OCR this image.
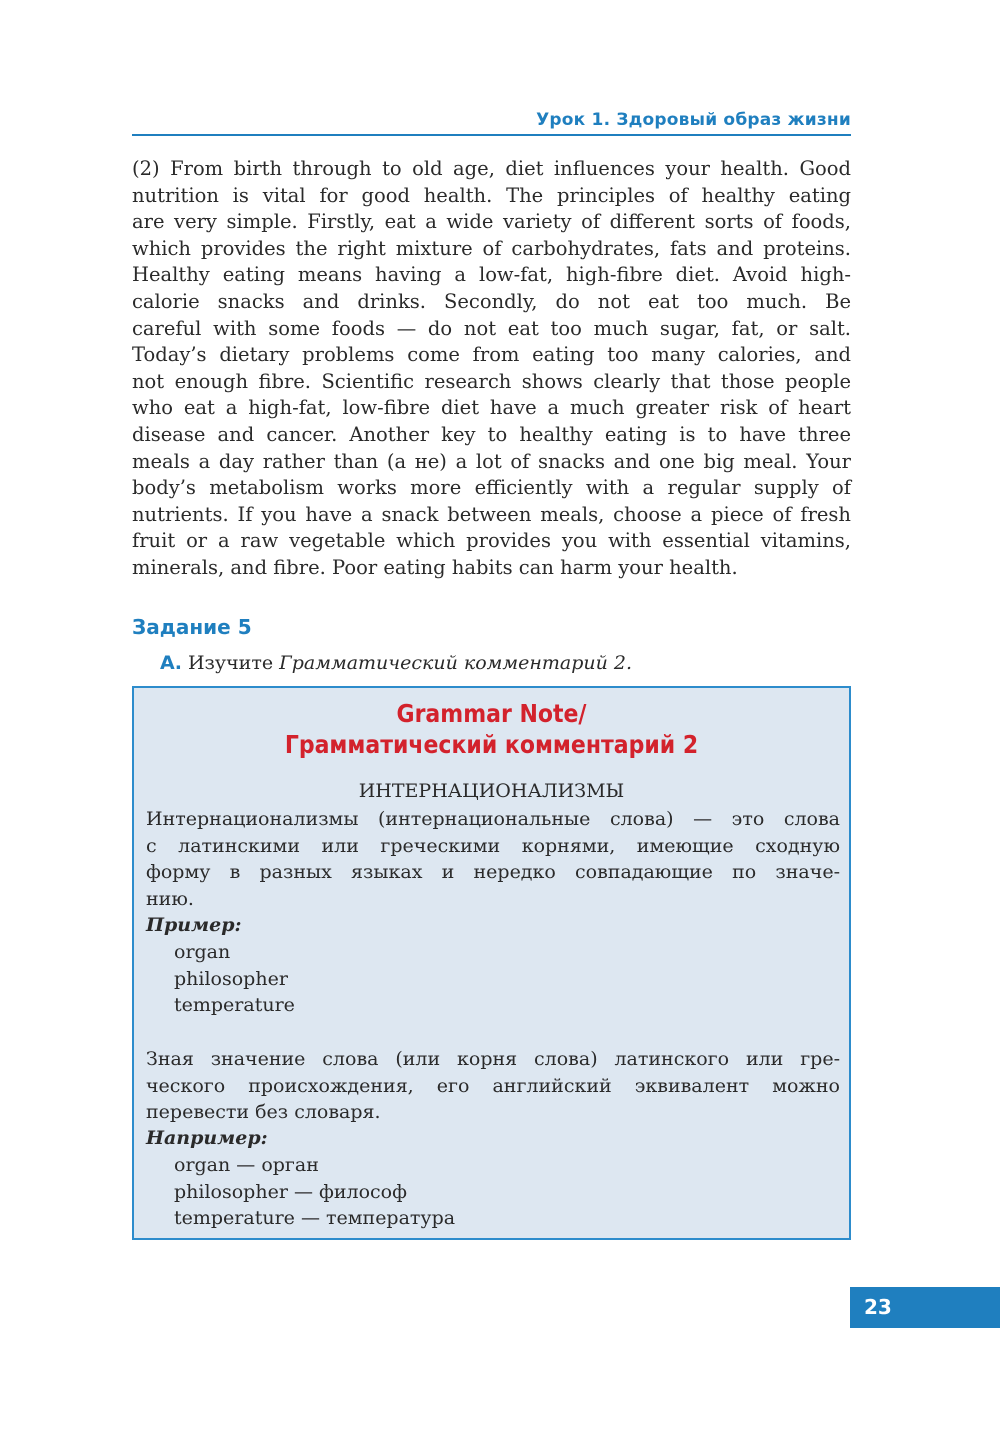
Урок 1. Здоровый образ жизни
(2) From birth through to old age, diet influences your health. Good
nutrition is vital for good health. The principles of healthy eating
are very simple. Firstly, eat a wide variety of different sorts of foods,
which provides the right mixture of carbohydrates, fats and proteins.
Healthy eating means having a low-fat, high-fibre diet. Avoid high-
calorie snacks and drinks. Secondly, do not eat too much. Be
careful with some foods — do not eat too much sugar, fat, or salt.
Today’s dietary problems come from eating too many calories, and
not enough fibre. Scientific research shows clearly that those people
who eat a high-fat, low-fibre diet have a much greater risk of heart
disease and cancer. Another key to healthy eating is to have three
meals a day rather than (а не) a lot of snacks and one big meal. Your
body’s metabolism works more efficiently with a regular supply of
nutrients. If you have a snack between meals, choose a piece of fresh
fruit or a raw vegetable which provides you with essential vitamins,
minerals, and fibre. Poor eating habits can harm your health.
Задание 5
А. Изучите Грамматический комментарий 2.
Grammar Note/
Грамматический комментарий 2
ИНТЕРНАЦИОНАЛИЗМЫ
Интернационализмы (интернациональные слова) — это слова
с латинскими или греческими корнями, имеющие сходную
форму в разных языках и нередко совпадающие по значе-
нию.
Пример:
organ
philosopher
temperature
Зная значение слова (или корня слова) латинского или гре-
ческого происхождения, его английский эквивалент можно
перевести без словаря.
Например:
organ — орган
philosopher — философ
temperature — температура
23
